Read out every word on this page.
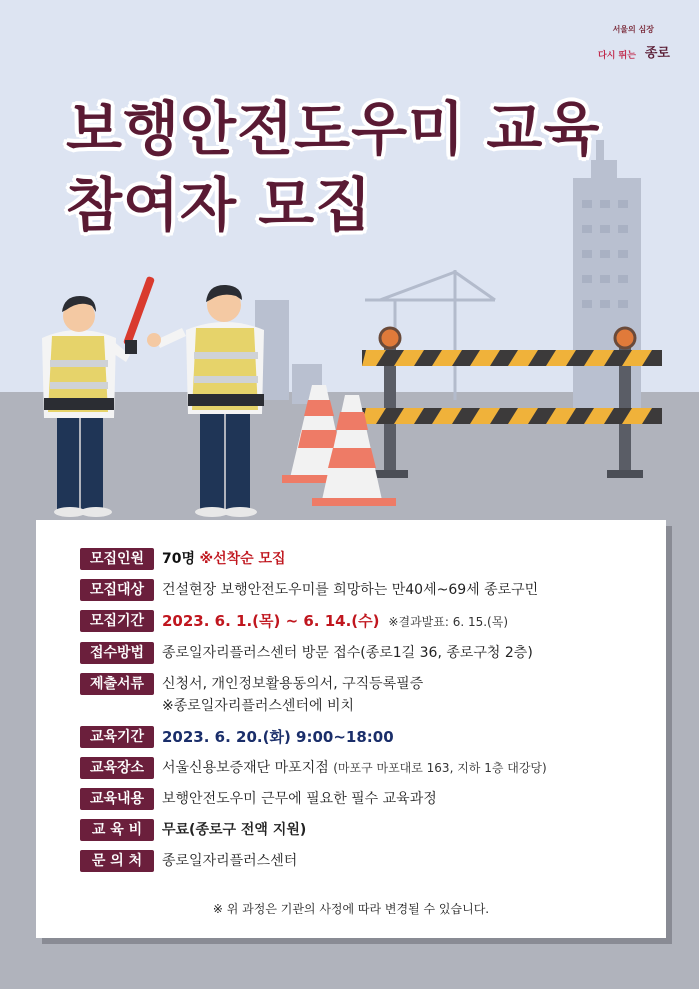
서울의 심장
다시 뛰는 종로
보행안전도우미 교육
참여자 모집
모집인원	70명 ※선착순 모집
모집대상	건설현장 보행안전도우미를 희망하는 만40세~69세 종로구민
모집기간	2023. 6. 1.(목) ~ 6. 14.(수) ※결과발표: 6. 15.(목)
접수방법	종로일자리플러스센터 방문 접수(종로1길 36, 종로구청 2층)
제출서류	신청서, 개인정보활용동의서, 구직등록필증
※종로일자리플러스센터에 비치
교육기간	2023. 6. 20.(화) 9:00~18:00
교육장소	서울신용보증재단 마포지점 (마포구 마포대로 163, 지하 1층 대강당)
교육내용	보행안전도우미 근무에 필요한 필수 교육과정
교 육 비	무료(종로구 전액 지원)
문 의 처	종로일자리플러스센터
※ 위 과정은 기관의 사정에 따라 변경될 수 있습니다.
